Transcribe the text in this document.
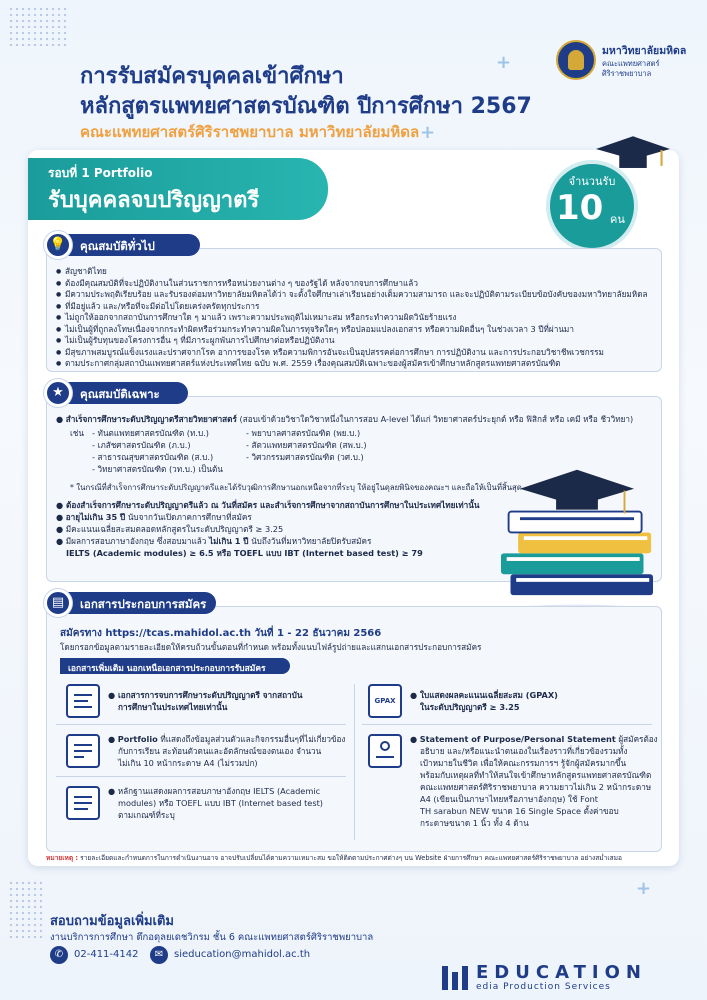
+
+
+
การรับสมัครบุคคลเข้าศึกษา
หลักสูตรแพทยศาสตรบัณฑิต ปีการศึกษา 2567
คณะแพทยศาสตร์ศิริราชพยาบาล มหาวิทยาลัยมหิดล
มหาวิทยาลัยมหิดล
คณะแพทยศาสตร์
ศิริราชพยาบาล
รอบที่ 1 Portfolio
รับบุคคลจบปริญญาตรี
จำนวนรับ
10 คน
💡	คุณสมบัติทั่วไป
● สัญชาติไทย
● ต้องมีคุณสมบัติที่จะปฏิบัติงานในส่วนราชการหรือหน่วยงานต่าง ๆ ของรัฐได้ หลังจากจบการศึกษาแล้ว
● มีความประพฤติเรียบร้อย และรับรองต่อมหาวิทยาลัยมหิดลได้ว่า จะตั้งใจศึกษาเล่าเรียนอย่างเต็มความสามารถ และจะปฏิบัติตามระเบียบข้อบังคับของมหาวิทยาลัยมหิดล
● ที่มีอยู่แล้ว และ/หรือที่จะมีต่อไปโดยเคร่งครัดทุกประการ
● ไม่ถูกให้ออกจากสถาบันการศึกษาใด ๆ มาแล้ว เพราะความประพฤติไม่เหมาะสม หรือกระทำความผิดวินัยร้ายแรง
● ไม่เป็นผู้ที่ถูกลงโทษเนื่องจากกระทำผิดหรือร่วมกระทำความผิดในการทุจริตใดๆ หรือปลอมแปลงเอกสาร หรือความผิดอื่นๆ ในช่วงเวลา 3 ปีที่ผ่านมา
● ไม่เป็นผู้รับทุนของโครงการอื่น ๆ ที่มีภาระผูกพันการไปศึกษาต่อหรือปฏิบัติงาน
● มีสุขภาพสมบูรณ์แข็งแรงและปราศจากโรค อาการของโรค หรือความพิการอันจะเป็นอุปสรรคต่อการศึกษา การปฏิบัติงาน และการประกอบวิชาชีพเวชกรรม
● ตามประกาศกลุ่มสถาบันแพทยศาสตร์แห่งประเทศไทย ฉบับ พ.ศ. 2559 เรื่องคุณสมบัติเฉพาะของผู้สมัครเข้าศึกษาหลักสูตรแพทยศาสตรบัณฑิต
★	คุณสมบัติเฉพาะ
● สำเร็จการศึกษาระดับปริญญาตรีสายวิทยาศาสตร์ (สอบเข้าด้วยวิชาใดวิชาหนึ่งในการสอบ A-level ได้แก่ วิทยาศาสตร์ประยุกต์ หรือ ฟิสิกส์ หรือ เคมี หรือ ชีววิทยา)
เช่น - ทันตแพทยศาสตรบัณฑิต (ท.บ.)
- เภสัชศาสตรบัณฑิต (ภ.บ.)
- สาธารณสุขศาสตรบัณฑิต (ส.บ.)
- วิทยาศาสตรบัณฑิต (วท.บ.) เป็นต้น
- พยาบาลศาสตรบัณฑิต (พย.บ.)
- สัตวแพทยศาสตรบัณฑิต (สพ.บ.)
- วิศวกรรมศาสตรบัณฑิต (วศ.บ.)
* ในกรณีที่สำเร็จการศึกษาระดับปริญญาตรีและได้รับวุฒิการศึกษานอกเหนือจากที่ระบุ ให้อยู่ในดุลยพินิจของคณะฯ และถือให้เป็นที่สิ้นสุด
● ต้องสำเร็จการศึกษาระดับปริญญาตรีแล้ว ณ วันที่สมัคร และสำเร็จการศึกษาจากสถาบันการศึกษาในประเทศไทยเท่านั้น
● อายุไม่เกิน 35 ปี นับจากวันเปิดภาคการศึกษาที่สมัคร
● มีคะแนนเฉลี่ยสะสมตลอดหลักสูตรในระดับปริญญาตรี ≥ 3.25
● มีผลการสอบภาษาอังกฤษ ซึ่งสอบมาแล้ว ไม่เกิน 1 ปี นับถึงวันที่มหาวิทยาลัยปิดรับสมัคร
IELTS (Academic modules) ≥ 6.5 หรือ TOEFL แบบ IBT (Internet based test) ≥ 79
▤	เอกสารประกอบการสมัคร
สมัครทาง https://tcas.mahidol.ac.th วันที่ 1 - 22 ธันวาคม 2566
โดยกรอกข้อมูลตามรายละเอียดให้ครบถ้วนขั้นตอนที่กำหนด พร้อมทั้งแนบไฟล์รูปถ่ายและแสกนเอกสารประกอบการสมัคร
เอกสารเพิ่มเติม นอกเหนือเอกสารประกอบการรับสมัคร
● เอกสารการจบการศึกษาระดับปริญญาตรี จากสถาบัน
การศึกษาในประเทศไทยเท่านั้น
GPAX
● ใบแสดงผลคะแนนเฉลี่ยสะสม (GPAX)
ในระดับปริญญาตรี ≥ 3.25
● Portfolio ที่แสดงถึงข้อมูลส่วนตัวและกิจกรรมอื่นๆที่ไม่เกี่ยวข้อง
กับการเรียน สะท้อนตัวตนและอัตลักษณ์ของตนเอง จำนวน
ไม่เกิน 10 หน้ากระดาษ A4 (ไม่รวมปก)
● Statement of Purpose/Personal Statement ผู้สมัครต้อง
อธิบาย และ/หรือแนะนำตนเองในเรื่องราวที่เกี่ยวข้องรวมทั้ง
เป้าหมายในชีวิต เพื่อให้คณะกรรมการฯ รู้จักผู้สมัครมากขึ้น
พร้อมกับเหตุผลที่ทำให้สนใจเข้าศึกษาหลักสูตรแพทยศาสตรบัณฑิต
คณะแพทยศาสตร์ศิริราชพยาบาล ความยาวไม่เกิน 2 หน้ากระดาษ
A4 (เขียนเป็นภาษาไทยหรือภาษาอังกฤษ) ใช้ Font
TH sarabun NEW ขนาด 16 Single Space ตั้งค่าขอบ
กระดาษขนาด 1 นิ้ว ทั้ง 4 ด้าน
● หลักฐานแสดงผลการสอบภาษาอังกฤษ IELTS (Academic
modules) หรือ TOEFL แบบ IBT (Internet based test)
ตามเกณฑ์ที่ระบุ
หมายเหตุ : รายละเอียดและกำหนดการในการดำเนินงานอาจ อาจปรับเปลี่ยนได้ตามความเหมาะสม ขอให้ติดตามประกาศต่างๆ บน Website ฝ่ายการศึกษา คณะแพทยศาสตร์ศิริราชพยาบาล อย่างสม่ำเสมอ
สอบถามข้อมูลเพิ่มเติม
งานบริการการศึกษา ตึกอดุลยเดชวิกรม ชั้น 6 คณะแพทยศาสตร์ศิริราชพยาบาล
✆	02-411-4142	✉	sieducation@mahidol.ac.th
EDUCATION
edia Production Services
